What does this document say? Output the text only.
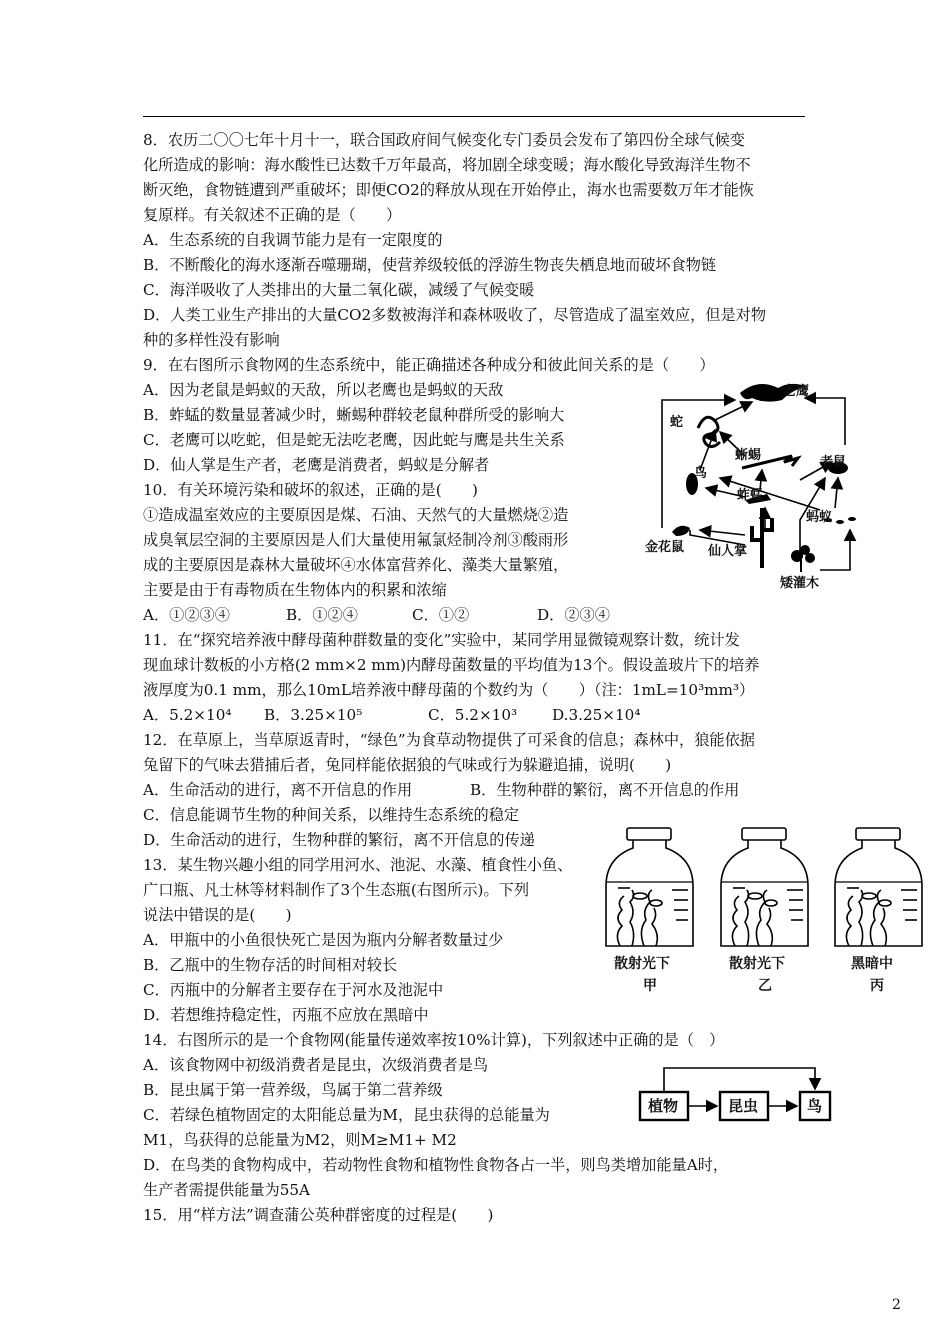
8．农历二〇〇七年十月十一，联合国政府间气候变化专门委员会发布了第四份全球气候变
化所造成的影响：海水酸性已达数千万年最高，将加剧全球变暖；海水酸化导致海洋生物不
断灭绝，食物链遭到严重破坏；即便CO2的释放从现在开始停止，海水也需要数万年才能恢
复原样。有关叙述不正确的是（　　）
A．生态系统的自我调节能力是有一定限度的
B．不断酸化的海水逐渐吞噬珊瑚，使营养级较低的浮游生物丧失栖息地而破坏食物链
C．海洋吸收了人类排出的大量二氧化碳，减缓了气候变暖
D．人类工业生产排出的大量CO2多数被海洋和森林吸收了，尽管造成了温室效应，但是对物
种的多样性没有影响
9．在右图所示食物网的生态系统中，能正确描述各种成分和彼此间关系的是（　　）
A．因为老鼠是蚂蚁的天敌，所以老鹰也是蚂蚁的天敌
B．蚱蜢的数量显著减少时，蜥蜴种群较老鼠种群所受的影响大
C．老鹰可以吃蛇，但是蛇无法吃老鹰，因此蛇与鹰是共生关系
D．仙人掌是生产者，老鹰是消费者，蚂蚁是分解者
老鹰
蛇
蜥蜴	老鼠
鸟
蚱蜢
蚂蚁
金花鼠 仙人掌
矮灌木
10．有关环境污染和破坏的叙述，正确的是(　　)
①造成温室效应的主要原因是煤、石油、天然气的大量燃烧②造
成臭氧层空洞的主要原因是人们大量使用氟氯烃制冷剂③酸雨形
成的主要原因是森林大量破坏④水体富营养化、藻类大量繁殖，
主要是由于有毒物质在生物体内的积累和浓缩
A．①②③④	B．①②④	C．①②	D．②③④
11．在“探究培养液中酵母菌种群数量的变化”实验中，某同学用显微镜观察计数，统计发
现血球计数板的小方格(2 mm×2 mm)内酵母菌数量的平均值为13个。假设盖玻片下的培养
液厚度为0.1 mm，那么10mL培养液中酵母菌的个数约为（　　）（注：1mL=10³mm³）
A．5.2×10⁴ B．3.25×10⁵	C．5.2×10³ D.3.25×10⁴
12．在草原上，当草原返青时，“绿色”为食草动物提供了可采食的信息；森林中，狼能依据
兔留下的气味去猎捕后者，兔同样能依据狼的气味或行为躲避追捕，说明(　　)
A．生命活动的进行，离不开信息的作用	B．生物种群的繁衍，离不开信息的作用
C．信息能调节生物的种间关系，以维持生态系统的稳定
D．生命活动的进行，生物种群的繁衍，离不开信息的传递
13．某生物兴趣小组的同学用河水、池泥、水藻、植食性小鱼、
广口瓶、凡士林等材料制作了3个生态瓶(右图所示)。下列
说法中错误的是(　　)
A．甲瓶中的小鱼很快死亡是因为瓶内分解者数量过少
B．乙瓶中的生物存活的时间相对较长
C．丙瓶中的分解者主要存在于河水及池泥中
D．若想维持稳定性，丙瓶不应放在黑暗中
散射光下
甲
散射光下
乙
黑暗中
丙
14．右图所示的是一个食物网(能量传递效率按10%计算)，下列叙述中正确的是（　）
A．该食物网中初级消费者是昆虫，次级消费者是鸟
B．昆虫属于第一营养级，鸟属于第二营养级
C．若绿色植物固定的太阳能总量为M，昆虫获得的总能量为
M1，鸟获得的总能量为M2，则M≥M1+ M2
D．在鸟类的食物构成中，若动物性食物和植物性食物各占一半，则鸟类增加能量A时，
生产者需提供能量为55A
植物	昆虫	鸟
15．用“样方法”调查蒲公英种群密度的过程是(　　)
2
